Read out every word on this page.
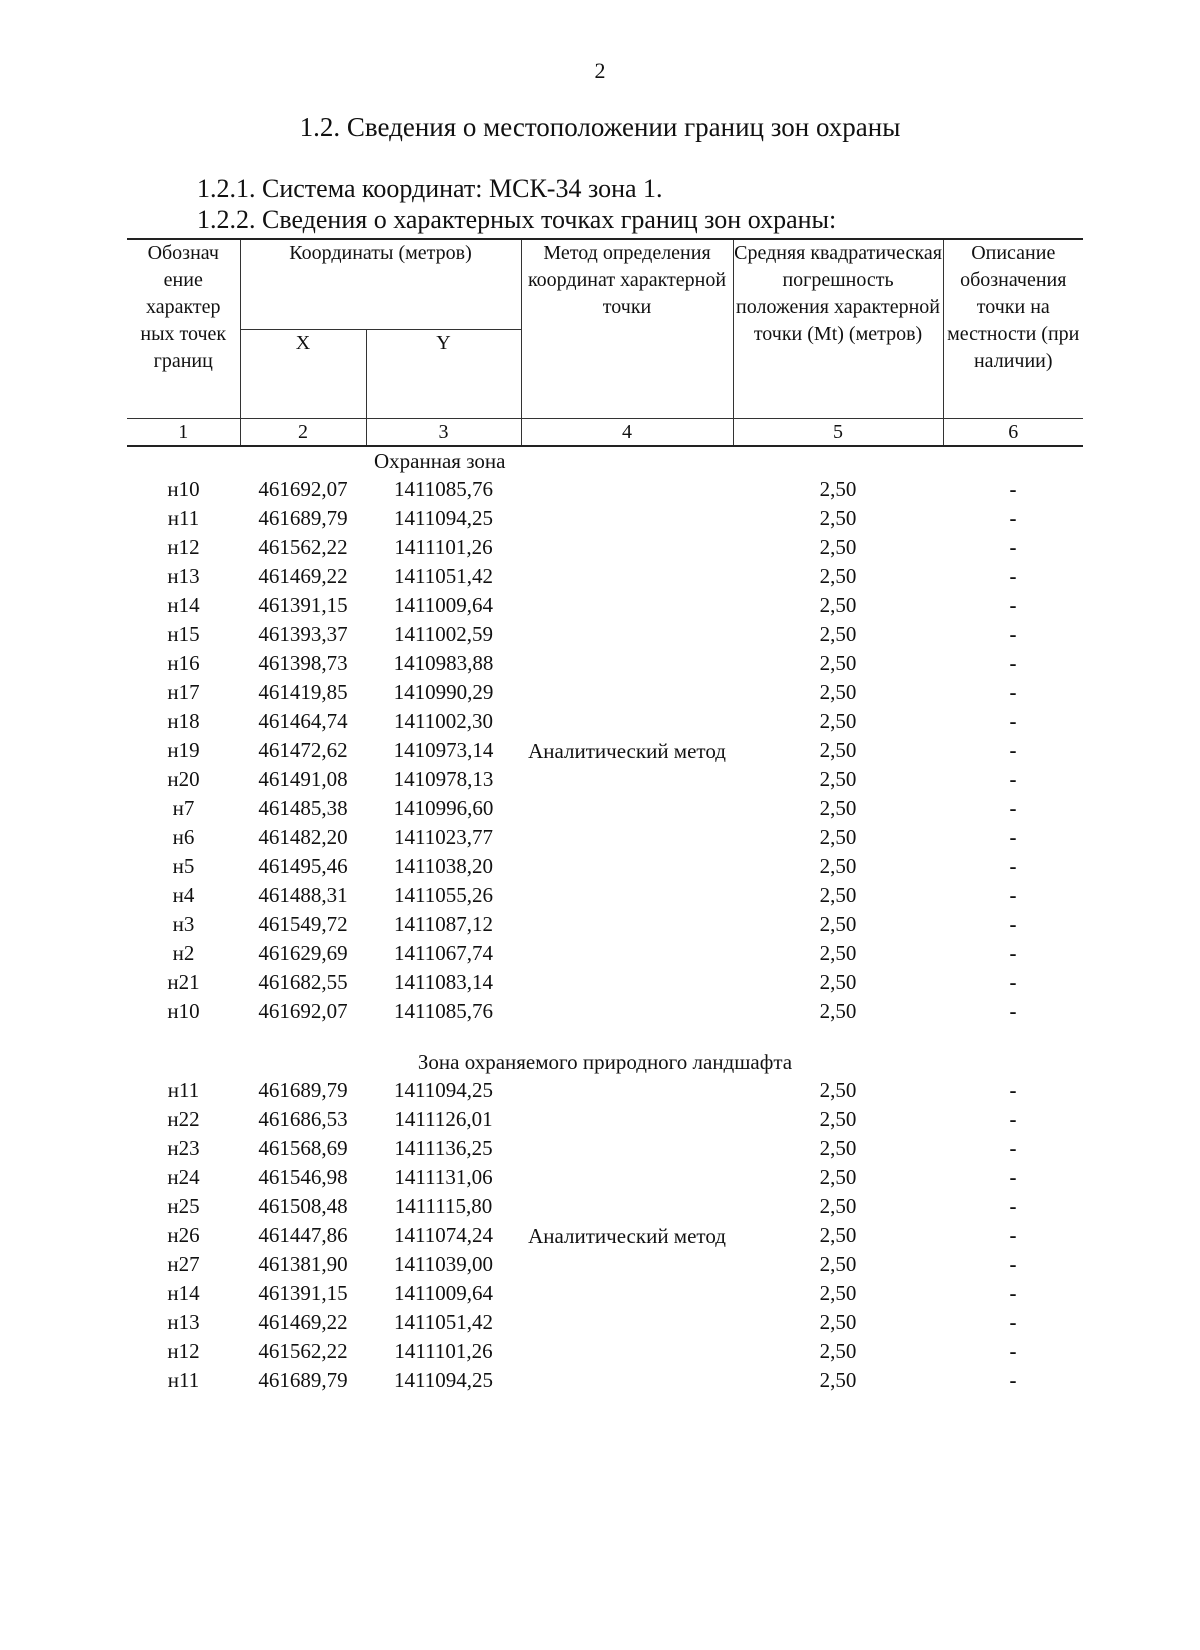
2
1.2. Сведения о местоположении границ зон охраны
1.2.1. Система координат: МСК-34 зона 1.
1.2.2. Сведения о характерных точках границ зон охраны:
Обознач ение характер ных точек границ	Координаты (метров)		Метод определения координат характерной точки	Средняя квадратическая погрешность положения характерной точки (Mt) (метров)	Описание обозначения точки на местности (при наличии)
	X	Y			
1	2	3	4	5	6
Охранная зона					
н10	461692,07	1411085,76	Аналитический метод	2,50	-
н11	461689,79	1411094,25		2,50	-
н12	461562,22	1411101,26		2,50	-
н13	461469,22	1411051,42		2,50	-
н14	461391,15	1411009,64		2,50	-
н15	461393,37	1411002,59		2,50	-
н16	461398,73	1410983,88		2,50	-
н17	461419,85	1410990,29		2,50	-
н18	461464,74	1411002,30		2,50	-
н19	461472,62	1410973,14		2,50	-
н20	461491,08	1410978,13		2,50	-
н7	461485,38	1410996,60		2,50	-
н6	461482,20	1411023,77		2,50	-
н5	461495,46	1411038,20		2,50	-
н4	461488,31	1411055,26		2,50	-
н3	461549,72	1411087,12		2,50	-
н2	461629,69	1411067,74		2,50	-
н21	461682,55	1411083,14		2,50	-
н10	461692,07	1411085,76		2,50	-

Зона охраняемого природного ландшафта					
н11	461689,79	1411094,25	Аналитический метод	2,50	-
н22	461686,53	1411126,01		2,50	-
н23	461568,69	1411136,25		2,50	-
н24	461546,98	1411131,06		2,50	-
н25	461508,48	1411115,80		2,50	-
н26	461447,86	1411074,24		2,50	-
н27	461381,90	1411039,00		2,50	-
н14	461391,15	1411009,64		2,50	-
н13	461469,22	1411051,42		2,50	-
н12	461562,22	1411101,26		2,50	-
н11	461689,79	1411094,25		2,50	-
